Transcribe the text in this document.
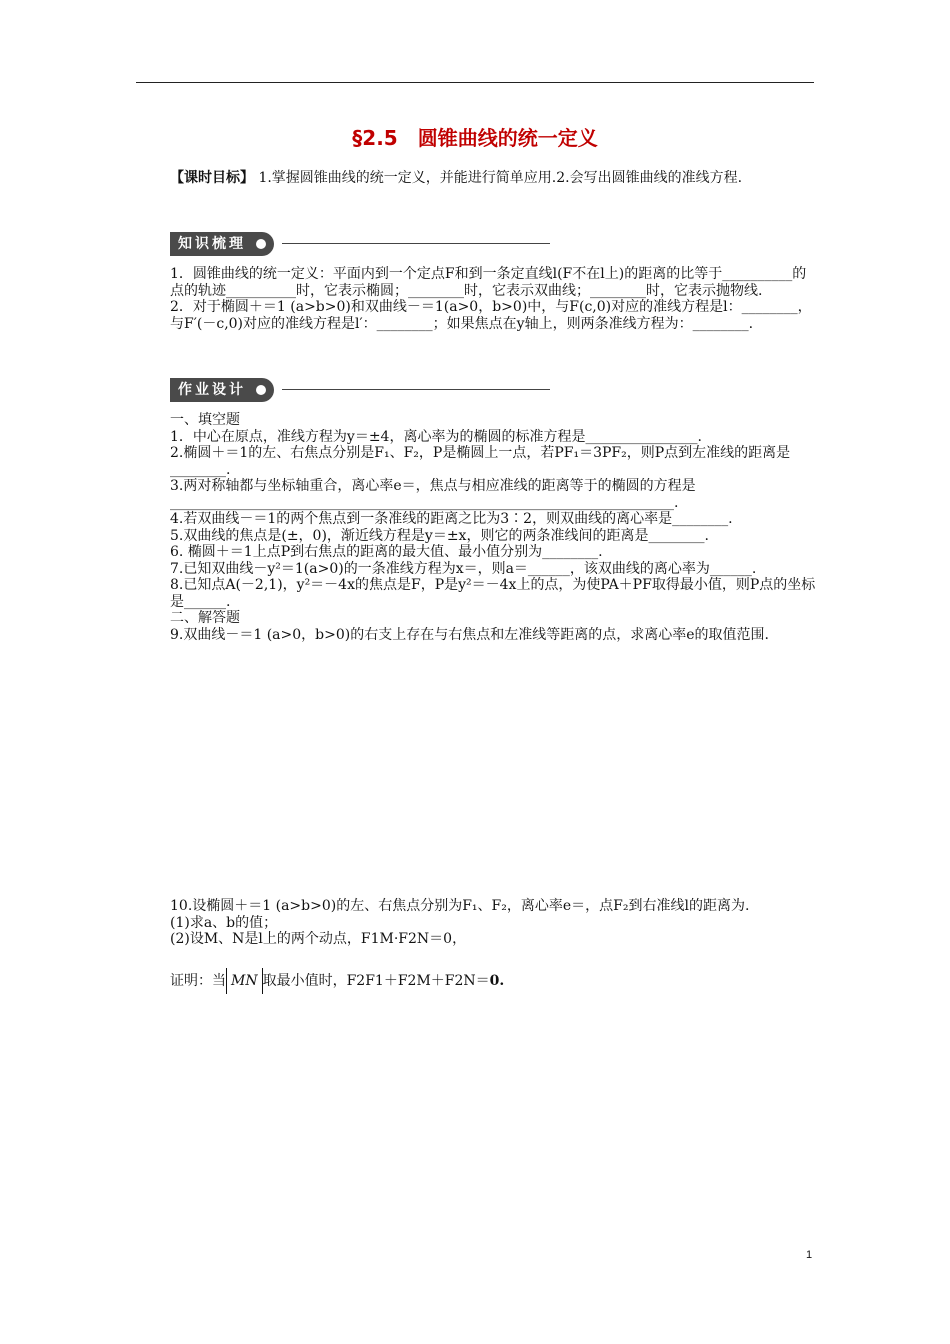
§2.5　圆锥曲线的统一定义
【课时目标】 1.掌握圆锥曲线的统一定义，并能进行简单应用.2.会写出圆锥曲线的准线方程.
知识梳理

1．圆锥曲线的统一定义：平面内到一个定点F和到一条定直线l(F不在l上)的距离的比等于__________的点的轨迹__________时，它表示椭圆；________时，它表示双曲线；________时，它表示抛物线.

2．对于椭圆＋＝1 (a>b>0)和双曲线－＝1(a>0，b>0)中，与F(c,0)对应的准线方程是l：________，与F′(－c,0)对应的准线方程是l′：________；如果焦点在y轴上，则两条准线方程为：________.

作业设计

一、填空题

1．中心在原点，准线方程为y＝±4，离心率为的椭圆的标准方程是________________.

2.椭圆＋＝1的左、右焦点分别是F₁、F₂，P是椭圆上一点，若PF₁＝3PF₂，则P点到左准线的距离是________.

3.两对称轴都与坐标轴重合，离心率e＝，焦点与相应准线的距离等于的椭圆的方程是________________________________________________________________________.

4.若双曲线－＝1的两个焦点到一条准线的距离之比为3∶2，则双曲线的离心率是________.

5.双曲线的焦点是(±，0)，渐近线方程是y＝±x，则它的两条准线间的距离是________.

6. 椭圆＋＝1上点P到右焦点的距离的最大值、最小值分别为________.

7.已知双曲线－y²＝1(a>0)的一条准线方程为x＝，则a＝______，该双曲线的离心率为______.

8.已知点A(－2,1)，y²＝－4x的焦点是F，P是y²＝－4x上的点，为使PA＋PF取得最小值，则P点的坐标是______.

二、解答题

9.双曲线－＝1 (a>0，b>0)的右支上存在与右焦点和左准线等距离的点，求离心率e的取值范围.

10.设椭圆＋＝1 (a>b>0)的左、右焦点分别为F₁、F₂，离心率e＝，点F₂到右准线l的距离为.

(1)求a、b的值；

(2)设M、N是l上的两个动点，F1M·F2N＝0，

证明：当 MN 取最小值时，F2F1＋F2M＋F2N＝0.
1
